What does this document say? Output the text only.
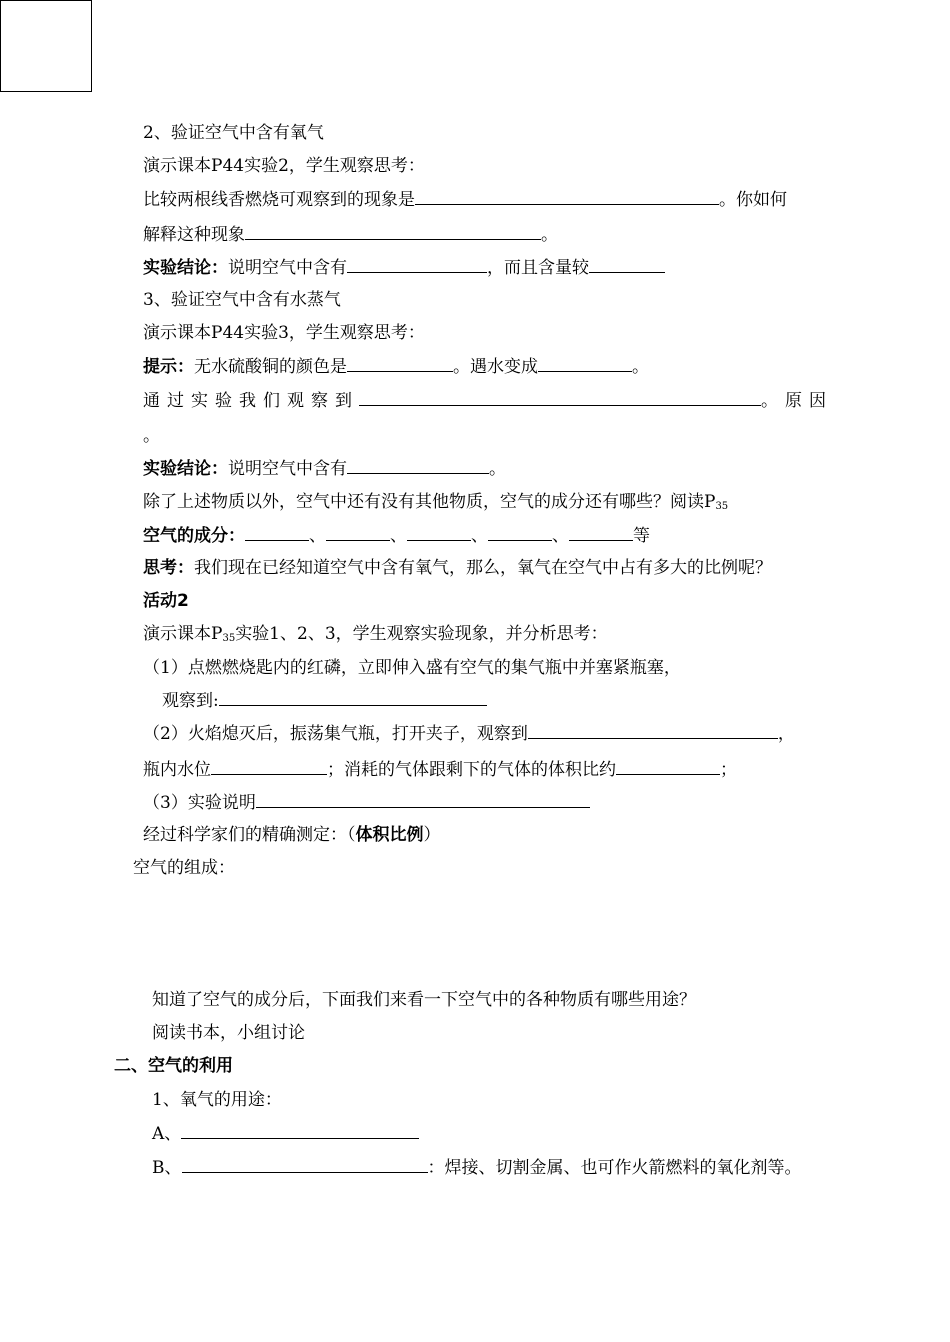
2、验证空气中含有氧气
演示课本P44实验2，学生观察思考：
比较两根线香燃烧可观察到的现象是	。你如何
解释这种现象	。
实验结论：说明空气中含有	，而且含量较
3、验证空气中含有水蒸气
演示课本P44实验3，学生观察思考：
提示：无水硫酸铜的颜色是	。遇水变成	。
通过实验我们观察到	。原因
。
实验结论：说明空气中含有	。
除了上述物质以外，空气中还有没有其他物质，空气的成分还有哪些？阅读$P_{35}$
空气的成分：	、	、	、	、	等
思考：我们现在已经知道空气中含有氧气，那么，氧气在空气中占有多大的比例呢？
活动2
演示课本$P_{35}$实验1、2、3，学生观察实验现象，并分析思考：
（1）点燃燃烧匙内的红磷，立即伸入盛有空气的集气瓶中并塞紧瓶塞，
观察到:
（2）火焰熄灭后，振荡集气瓶，打开夹子，观察到	，
瓶内水位	；消耗的气体跟剩下的气体的体积比约	；
（3）实验说明
经过科学家们的精确测定：（体积比例）
空气的组成：
知道了空气的成分后，下面我们来看一下空气中的各种物质有哪些用途？
阅读书本，小组讨论
二、空气的利用
1、氧气的用途：
A、
B、	：焊接、切割金属、也可作火箭燃料的氧化剂等。
